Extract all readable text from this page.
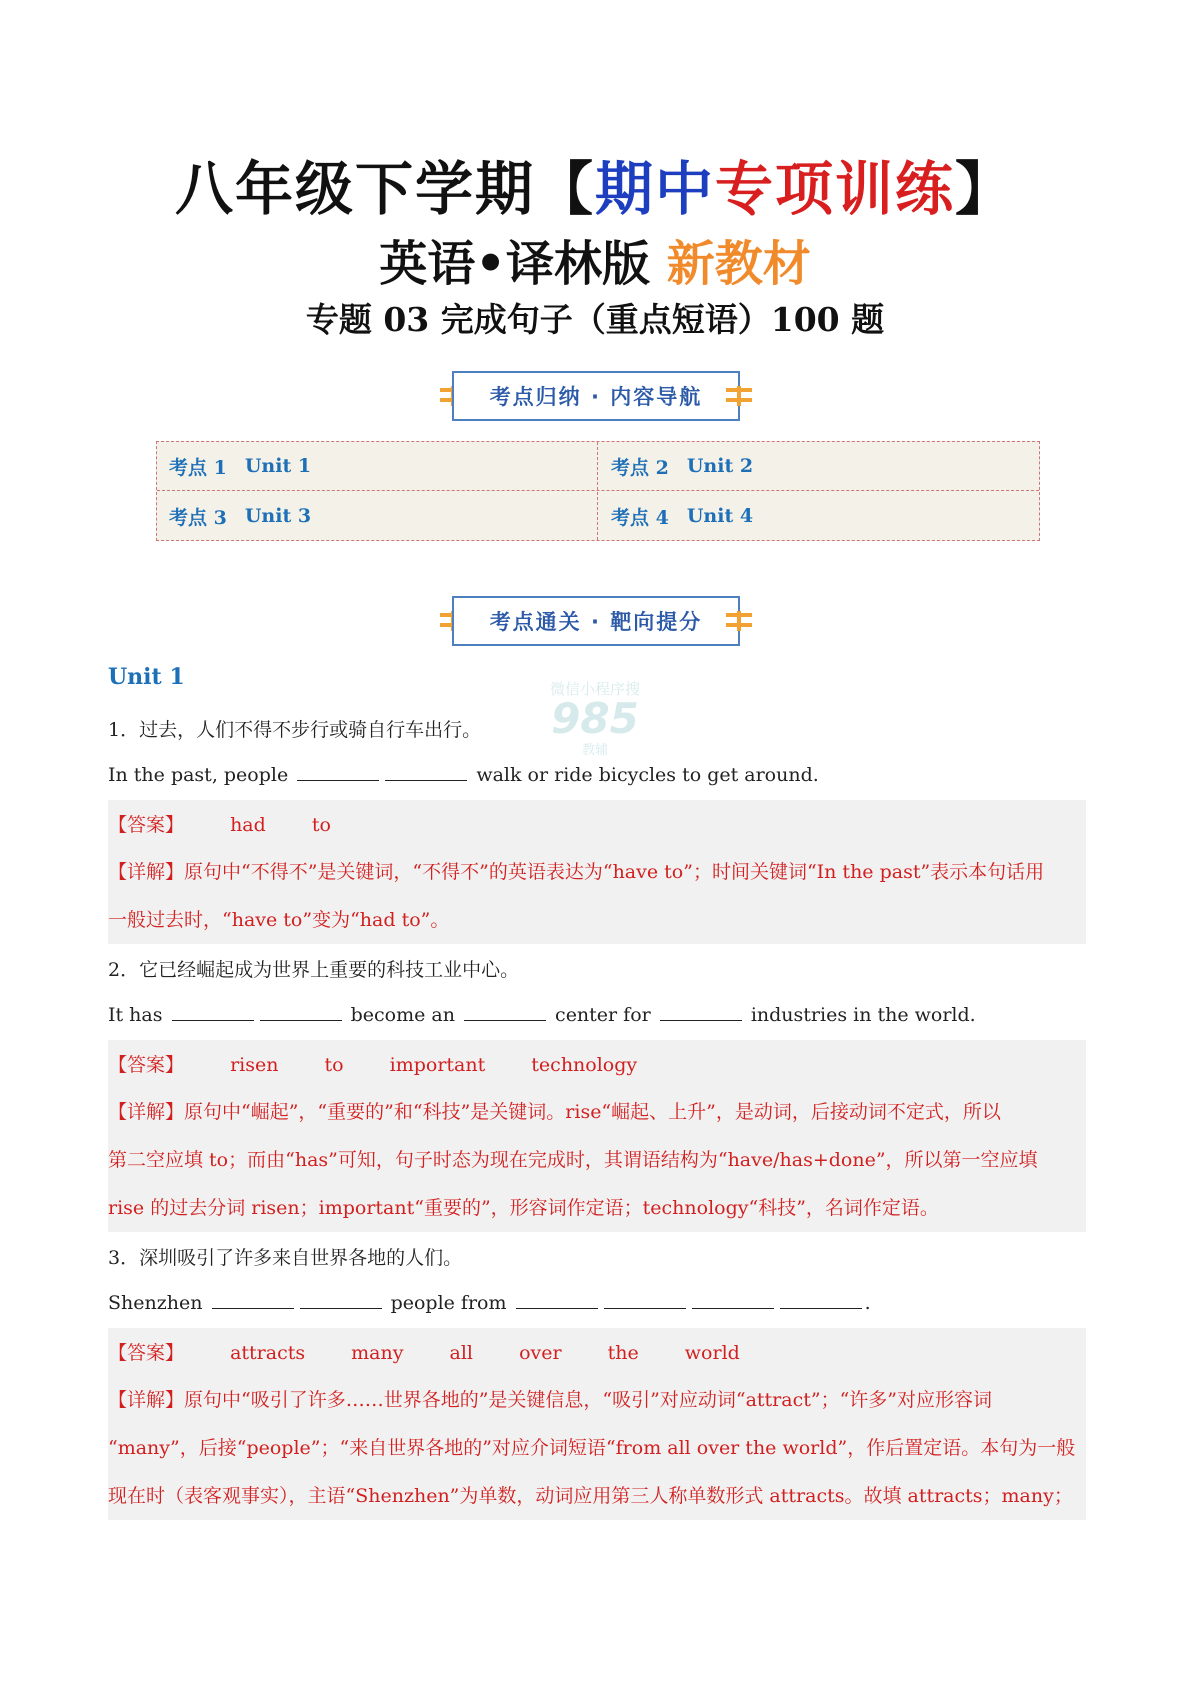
八年级下学期【期中专项训练】
英语•译林版 新教材
专题 03 完成句子（重点短语）100 题
考点归纳 · 内容导航
考点 1 Unit 1	考点 2 Unit 2
考点 3 Unit 3	考点 4 Unit 4
考点通关 · 靶向提分
微信小程序搜
985
教辅
Unit 1
1．过去，人们不得不步行或骑自行车出行。
In the past, people	walk or ride bicycles to get around.
【答案】 had to
【详解】原句中“不得不”是关键词，“不得不”的英语表达为“have to”；时间关键词“In the past”表示本句话用
一般过去时，“have to”变为“had to”。
2．它已经崛起成为世界上重要的科技工业中心。
It has	become an	center for	industries in the world.
【答案】 risen to important technology
【详解】原句中“崛起”，“重要的”和“科技”是关键词。rise“崛起、上升”，是动词，后接动词不定式，所以
第二空应填 to；而由“has”可知，句子时态为现在完成时，其谓语结构为“have/has+done”，所以第一空应填
rise 的过去分词 risen；important“重要的”，形容词作定语；technology“科技”，名词作定语。
3．深圳吸引了许多来自世界各地的人们。
Shenzhen	people from	.
【答案】 attracts many all over the world
【详解】原句中“吸引了许多……世界各地的”是关键信息，“吸引”对应动词“attract”；“许多”对应形容词
“many”，后接“people”；“来自世界各地的”对应介词短语“from all over the world”，作后置定语。本句为一般
现在时（表客观事实），主语“Shenzhen”为单数，动词应用第三人称单数形式 attracts。故填 attracts；many；
